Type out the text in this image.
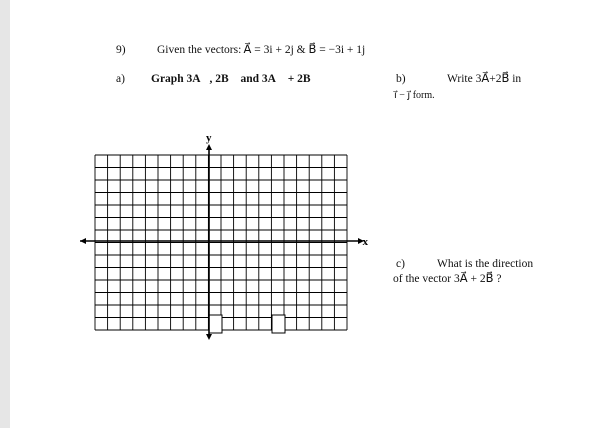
9)	Given the vectors: A⃗ = 3i + 2j & B⃗ = −3i + 1j
a) Graph 3A⃗, 2B⃗ and 3A⃗ + 2B⃗	b)	Write 3A⃗+2B⃗ in
i⃗ − j⃗ form.
c)	What is the direction
of the vector 3A⃗ + 2B⃗ ?
y
x
